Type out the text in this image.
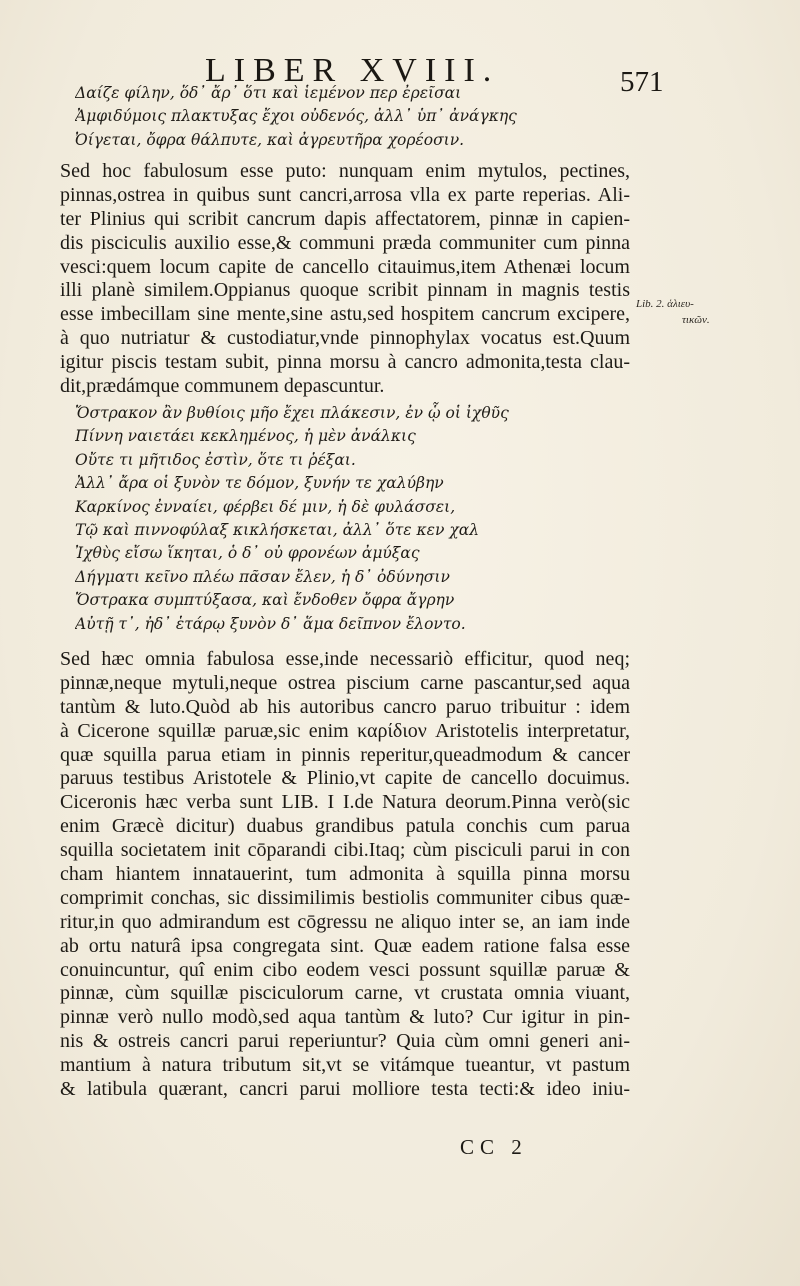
LIBER XVIII.	571
Δαίζε φίλην, ὅδ᾽ ἄρ᾽ ὅτι καὶ ἱεμένον περ ἐρεῖσαι
Ἀμφιδύμοις πλακτυξας ἔχοι οὐδενός, ἀλλ᾽ ὑπ᾽ ἀνάγκης
Ὀίγεται, ὄφρα θάλπυτε, καὶ ἀγρευτῆρα χορέοσιν.
Sed hoc fabulosum esse puto: nunquam enim mytulos, pectines,
pinnas,ostrea in quibus sunt cancri,arrosa vlla ex parte reperias. Ali-
ter Plinius qui scribit cancrum dapis affectatorem, pinnæ in capien-
dis pisciculis auxilio esse,& communi præda communiter cum pinna
vesci:quem locum capite de cancello citauimus,item Athenæi locum
illi planè similem.Oppianus quoque scribit pinnam in magnis testis
esse imbecillam sine mente,sine astu,sed hospitem cancrum excipere,
à quo nutriatur & custodiatur,vnde pinnophylax vocatus est.Quum
igitur piscis testam subit, pinna morsu à cancro admonita,testa clau-
dit,prædámque communem depascuntur.
Ὄστρακον ἂν βυθίοις μῆο ἔχει πλάκεσιν, ἐν ᾧ οἱ ἰχθῦς
Πίννη ναιετάει κεκλημένος, ἡ μὲν ἀνάλκις
Οὔτε τι μῆτιδος ἐστὶν, ὅτε τι ῥέξαι.
Ἀλλ᾽ ἄρα οἱ ξυνὸν τε δόμον, ξυνήν τε χαλύβην
Καρκίνος ἐνναίει, φέρβει δέ μιν, ἡ δὲ φυλάσσει,
Τῷ καὶ πιννοφύλαξ κικλήσκεται, ἀλλ᾽ ὅτε κεν χαλ
Ἰχθὺς εἴσω ἵκηται, ὁ δ᾽ οὐ φρονέων ἀμύξας
Δήγματι κεῖνο πλέω πᾶσαν ἔλεν, ἡ δ᾽ ὀδύνησιν
Ὄστρακα συμπτύξασα, καὶ ἔνδοθεν ὄφρα ἄγρην
Αὐτῇ τ᾽, ἠδ᾽ ἑτάρῳ ξυνὸν δ᾽ ἅμα δεῖπνον ἔλοντο.
Sed hæc omnia fabulosa esse,inde necessariò efficitur, quod neq;
pinnæ,neque mytuli,neque ostrea piscium carne pascantur,sed aqua
tantùm & luto.Quòd ab his autoribus cancro paruo tribuitur : idem
à Cicerone squillæ paruæ,sic enim καρίδιον Aristotelis interpretatur,
quæ squilla parua etiam in pinnis reperitur,queadmodum & cancer
paruus testibus Aristotele & Plinio,vt capite de cancello docuimus.
Ciceronis hæc verba sunt LIB. I I.de Natura deorum.Pinna verò(sic
enim Græcè dicitur) duabus grandibus patula conchis cum parua
squilla societatem init cōparandi cibi.Itaq; cùm pisciculi parui in con
cham hiantem innatauerint, tum admonita à squilla pinna morsu
comprimit conchas, sic dissimilimis bestiolis communiter cibus quæ-
ritur,in quo admirandum est cōgressu ne aliquo inter se, an iam inde
ab ortu naturâ ipsa congregata sint. Quæ eadem ratione falsa esse
conuincuntur, quî enim cibo eodem vesci possunt squillæ paruæ &
pinnæ, cùm squillæ pisciculorum carne, vt crustata omnia viuant,
pinnæ verò nullo modò,sed aqua tantùm & luto? Cur igitur in pin-
nis & ostreis cancri parui reperiuntur? Quia cùm omni generi ani-
mantium à natura tributum sit,vt se vitámque tueantur, vt pastum
& latibula quærant, cancri parui molliore testa tecti:& ideo iniu-
Lib. 2. ἁλιευ-
τικῶν.
CC 2
